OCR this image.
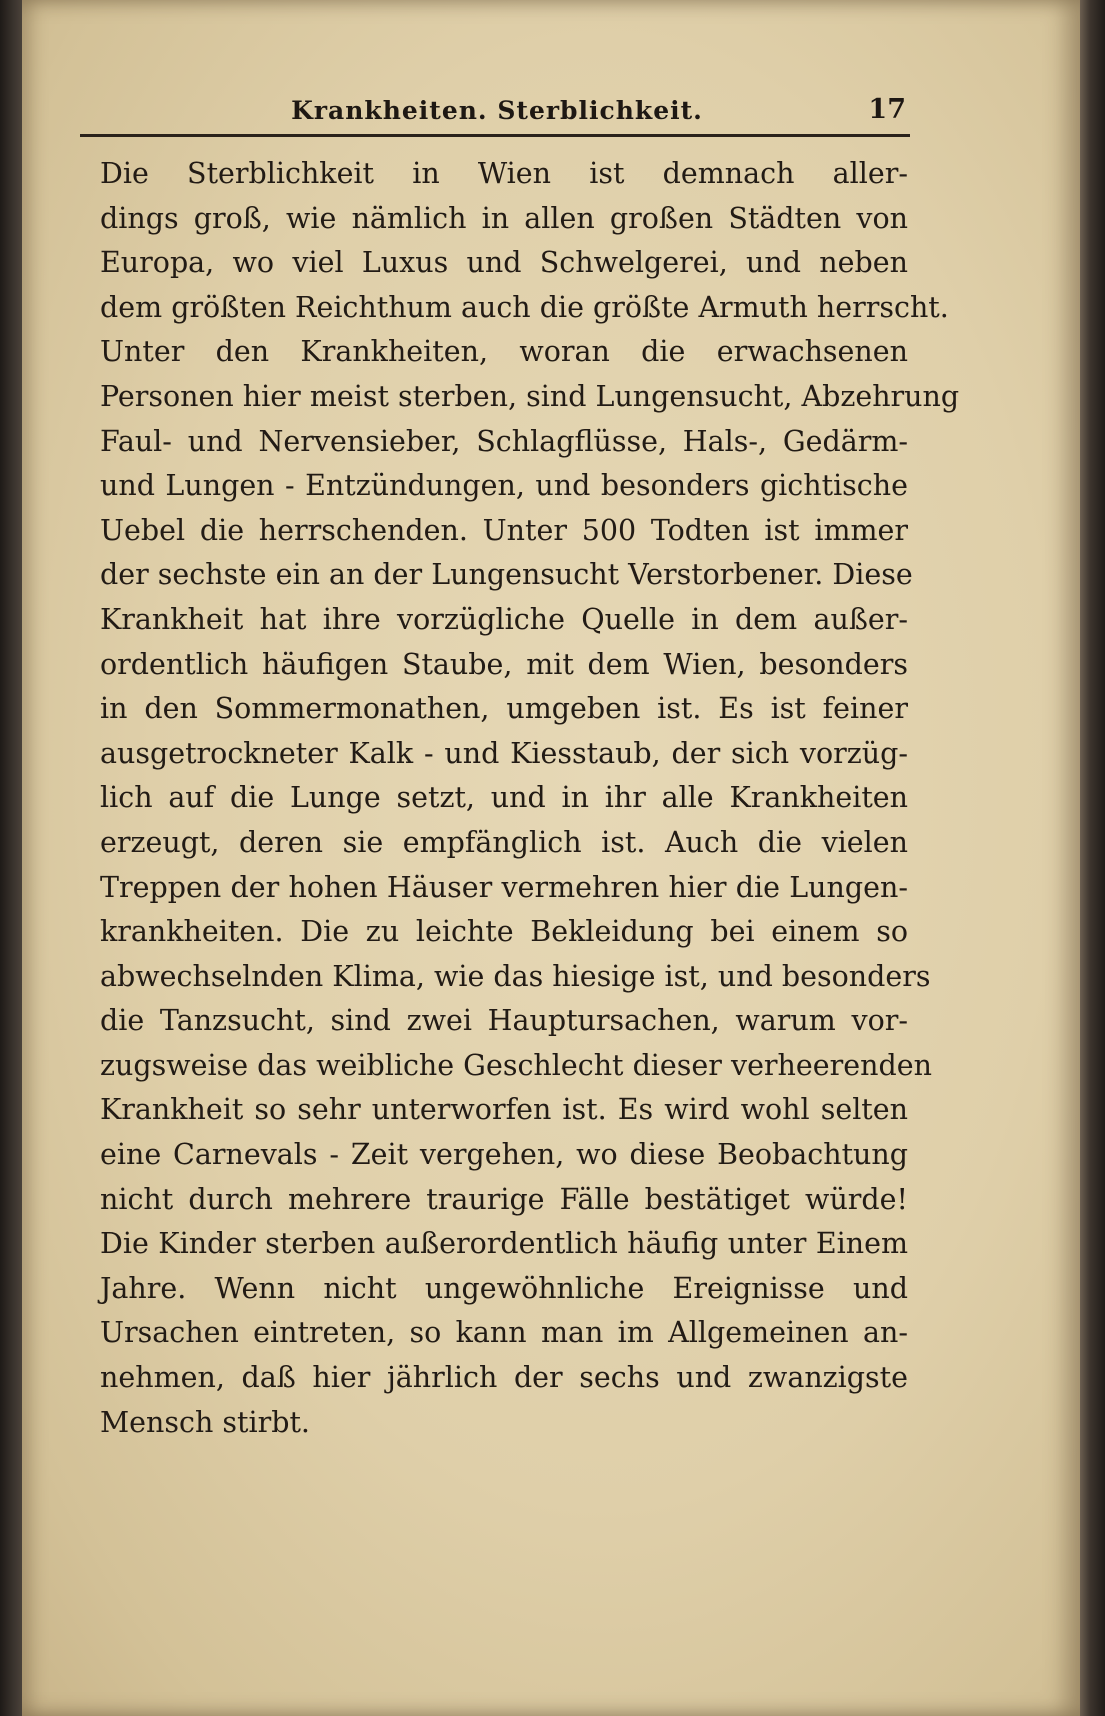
Krankheiten. Sterblichkeit.	17
Die Sterblichkeit in Wien ist demnach aller-
dings groß, wie nämlich in allen großen Städten von
Europa, wo viel Luxus und Schwelgerei, und neben
dem größten Reichthum auch die größte Armuth herrscht.
Unter den Krankheiten, woran die erwachsenen
Personen hier meist sterben, sind Lungensucht, Abzehrung
Faul- und Nervensieber, Schlagflüsse, Hals-, Gedärm-
und Lungen - Entzündungen, und besonders gichtische
Uebel die herrschenden. Unter 500 Todten ist immer
der sechste ein an der Lungensucht Verstorbener. Diese
Krankheit hat ihre vorzügliche Quelle in dem außer-
ordentlich häufigen Staube, mit dem Wien, besonders
in den Sommermonathen, umgeben ist. Es ist feiner
ausgetrockneter Kalk - und Kiesstaub, der sich vorzüg-
lich auf die Lunge setzt, und in ihr alle Krankheiten
erzeugt, deren sie empfänglich ist. Auch die vielen
Treppen der hohen Häuser vermehren hier die Lungen-
krankheiten. Die zu leichte Bekleidung bei einem so
abwechselnden Klima, wie das hiesige ist, und besonders
die Tanzsucht, sind zwei Hauptursachen, warum vor-
zugsweise das weibliche Geschlecht dieser verheerenden
Krankheit so sehr unterworfen ist. Es wird wohl selten
eine Carnevals - Zeit vergehen, wo diese Beobachtung
nicht durch mehrere traurige Fälle bestätiget würde!
Die Kinder sterben außerordentlich häufig unter Einem
Jahre. Wenn nicht ungewöhnliche Ereignisse und
Ursachen eintreten, so kann man im Allgemeinen an-
nehmen, daß hier jährlich der sechs und zwanzigste
Mensch stirbt.
